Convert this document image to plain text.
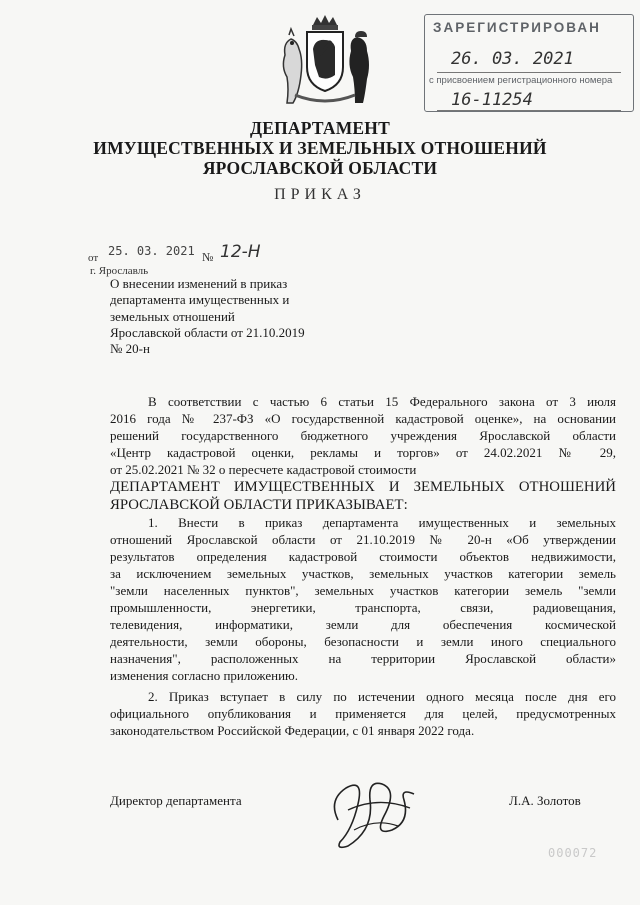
ЗАРЕГИСТРИРОВАН
26. 03. 2021
с присвоением регистрационного номера
16-11254
ДЕПАРТАМЕНТ
ИМУЩЕСТВЕННЫХ И ЗЕМЕЛЬНЫХ ОТНОШЕНИЙ
ЯРОСЛАВСКОЙ ОБЛАСТИ
ПРИКАЗ
от 25. 03. 2021 № 12-Н
г. Ярославль
О внесении изменений в приказ
департамента имущественных и
земельных отношений
Ярославской области от 21.10.2019
№ 20-н
В соответствии с частью 6 статьи 15 Федерального закона от 3 июля
2016 года № 237-ФЗ «О государственной кадастровой оценке», на основании
решений государственного бюджетного учреждения Ярославской области
«Центр кадастровой оценки, рекламы и торгов» от 24.02.2021 № 29,
от 25.02.2021 № 32 о пересчете кадастровой стоимости
ДЕПАРТАМЕНТ ИМУЩЕСТВЕННЫХ И ЗЕМЕЛЬНЫХ ОТНОШЕНИЙ
ЯРОСЛАВСКОЙ ОБЛАСТИ ПРИКАЗЫВАЕТ:
1. Внести в приказ департамента имущественных и земельных
отношений Ярославской области от 21.10.2019 № 20-н «Об утверждении
результатов определения кадастровой стоимости объектов недвижимости,
за исключением земельных участков, земельных участков категории земель
"земли населенных пунктов", земельных участков категории земель "земли
промышленности, энергетики, транспорта, связи, радиовещания,
телевидения, информатики, земли для обеспечения космической
деятельности, земли обороны, безопасности и земли иного специального
назначения", расположенных на территории Ярославской области»
изменения согласно приложению.
2. Приказ вступает в силу по истечении одного месяца после дня его
официального опубликования и применяется для целей, предусмотренных
законодательством Российской Федерации, с 01 января 2022 года.
Директор департамента	Л.А. Золотов
000072
